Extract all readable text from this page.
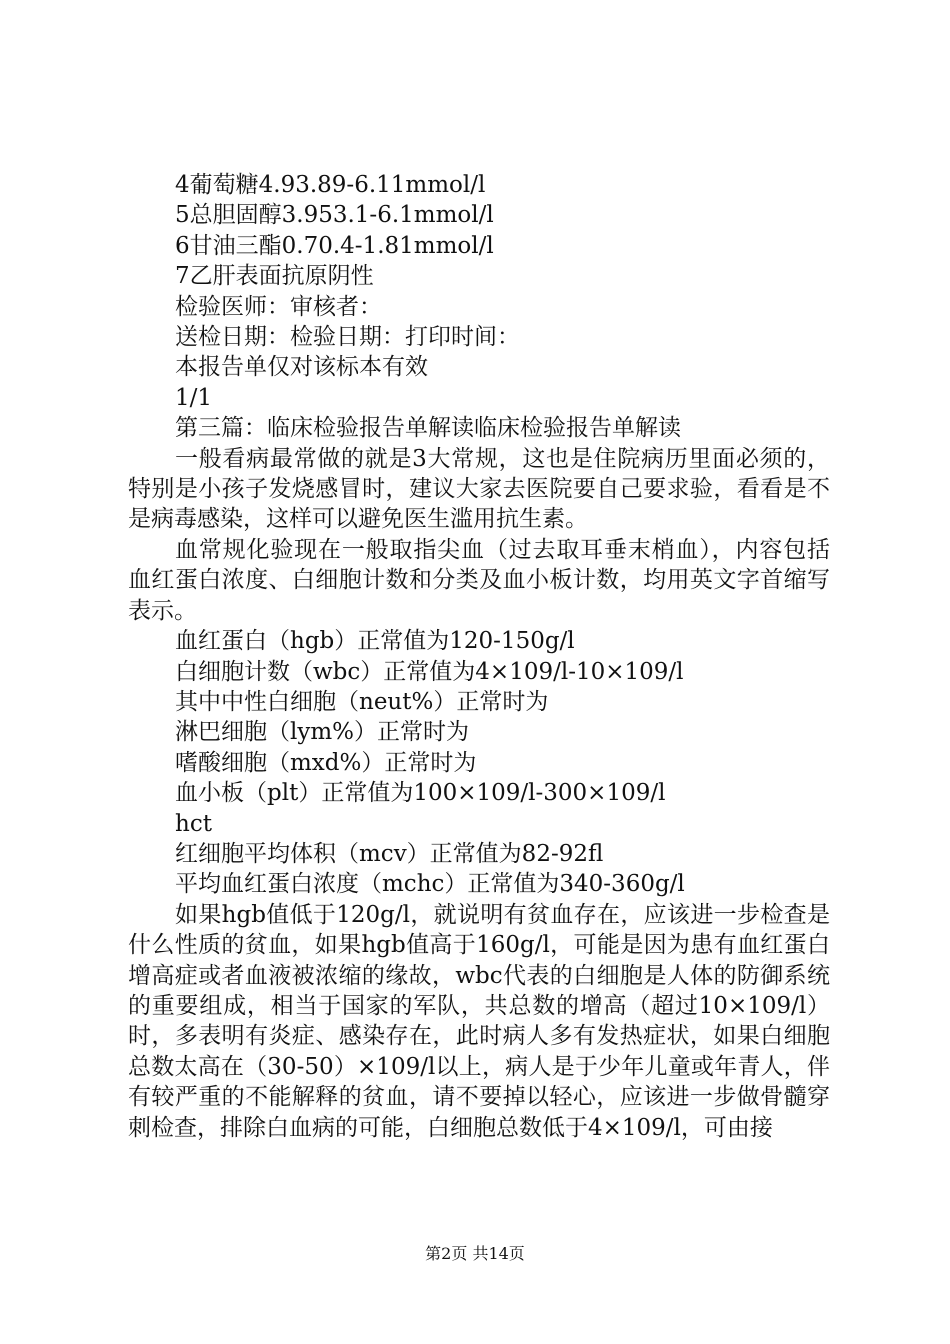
4葡萄糖4.93.89-6.11mmol/l

5总胆固醇3.953.1-6.1mmol/l

6甘油三酯0.70.4-1.81mmol/l

7乙肝表面抗原阴性

检验医师：审核者：

送检日期：检验日期：打印时间：

本报告单仅对该标本有效

1/1

第三篇：临床检验报告单解读临床检验报告单解读

一般看病最常做的就是3大常规，这也是住院病历里面必须的，特别是小孩子发烧感冒时，建议大家去医院要自己要求验，看看是不是病毒感染，这样可以避免医生滥用抗生素。

血常规化验现在一般取指尖血（过去取耳垂末梢血），内容包括血红蛋白浓度、白细胞计数和分类及血小板计数，均用英文字首缩写表示。

血红蛋白（hgb）正常值为120-150g/l

白细胞计数（wbc）正常值为4×109/l-10×109/l

其中中性白细胞（neut%）正常时为

淋巴细胞（lym%）正常时为

嗜酸细胞（mxd%）正常时为

血小板（plt）正常值为100×109/l-300×109/l

hct

红细胞平均体积（mcv）正常值为82-92fl

平均血红蛋白浓度（mchc）正常值为340-360g/l

如果hgb值低于120g/l，就说明有贫血存在，应该进一步检查是什么性质的贫血，如果hgb值高于160g/l，可能是因为患有血红蛋白增高症或者血液被浓缩的缘故，wbc代表的白细胞是人体的防御系统的重要组成，相当于国家的军队，共总数的增高（超过10×109/l）时，多表明有炎症、感染存在，此时病人多有发热症状，如果白细胞总数太高在（30-50）×109/l以上，病人是于少年儿童或年青人，伴有较严重的不能解释的贫血，请不要掉以轻心，应该进一步做骨髓穿刺检查，排除白血病的可能，白细胞总数低于4×109/l，可由接

第2页 共14页
